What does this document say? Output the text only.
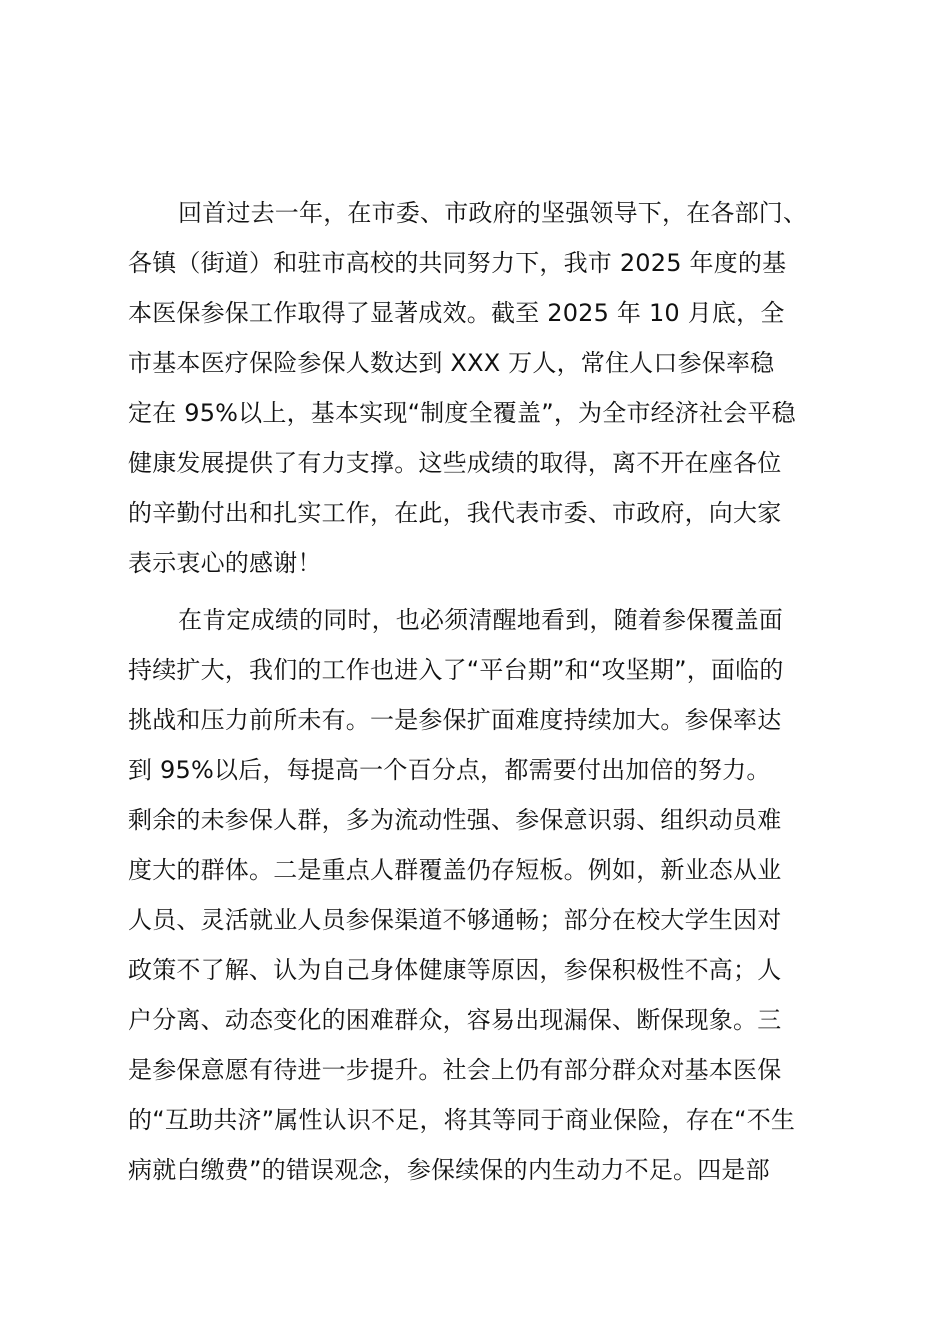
回首过去一年，在市委、市政府的坚强领导下，在各部门、
各镇（街道）和驻市高校的共同努力下，我市 2025 年度的基
本医保参保工作取得了显著成效。截至 2025 年 10 月底，全
市基本医疗保险参保人数达到 XXX 万人，常住人口参保率稳
定在 95%以上，基本实现“制度全覆盖”，为全市经济社会平稳
健康发展提供了有力支撑。这些成绩的取得，离不开在座各位
的辛勤付出和扎实工作，在此，我代表市委、市政府，向大家
表示衷心的感谢！
在肯定成绩的同时，也必须清醒地看到，随着参保覆盖面
持续扩大，我们的工作也进入了“平台期”和“攻坚期”，面临的
挑战和压力前所未有。一是参保扩面难度持续加大。参保率达
到 95%以后，每提高一个百分点，都需要付出加倍的努力。
剩余的未参保人群，多为流动性强、参保意识弱、组织动员难
度大的群体。二是重点人群覆盖仍存短板。例如，新业态从业
人员、灵活就业人员参保渠道不够通畅；部分在校大学生因对
政策不了解、认为自己身体健康等原因，参保积极性不高；人
户分离、动态变化的困难群众，容易出现漏保、断保现象。三
是参保意愿有待进一步提升。社会上仍有部分群众对基本医保
的“互助共济”属性认识不足，将其等同于商业保险，存在“不生
病就白缴费”的错误观念，参保续保的内生动力不足。四是部
